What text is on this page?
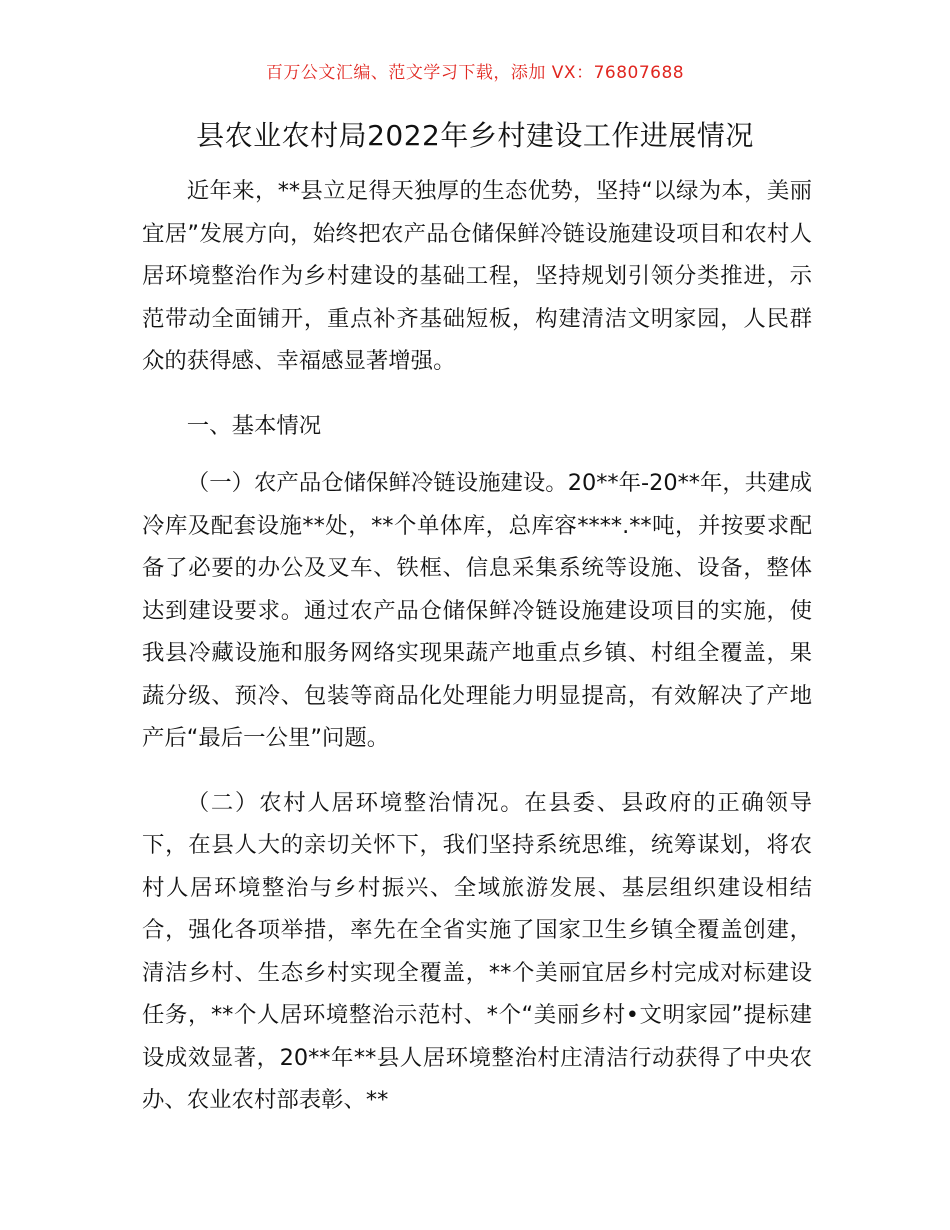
百万公文汇编、范文学习下载，添加 VX：76807688
县农业农村局2022年乡村建设工作进展情况

近年来，**县立足得天独厚的生态优势，坚持“以绿为本，美丽宜居”发展方向，始终把农产品仓储保鲜冷链设施建设项目和农村人居环境整治作为乡村建设的基础工程，坚持规划引领分类推进，示范带动全面铺开，重点补齐基础短板，构建清洁文明家园，人民群众的获得感、幸福感显著增强。

一、基本情况

（一）农产品仓储保鲜冷链设施建设。20**年-20**年，共建成冷库及配套设施**处，**个单体库，总库容****.**吨，并按要求配备了必要的办公及叉车、铁框、信息采集系统等设施、设备，整体达到建设要求。通过农产品仓储保鲜冷链设施建设项目的实施，使我县冷藏设施和服务网络实现果蔬产地重点乡镇、村组全覆盖，果蔬分级、预冷、包装等商品化处理能力明显提高，有效解决了产地产后“最后一公里”问题。

（二）农村人居环境整治情况。在县委、县政府的正确领导下，在县人大的亲切关怀下，我们坚持系统思维，统筹谋划，将农村人居环境整治与乡村振兴、全域旅游发展、基层组织建设相结合，强化各项举措，率先在全省实施了国家卫生乡镇全覆盖创建，清洁乡村、生态乡村实现全覆盖，**个美丽宜居乡村完成对标建设任务，**个人居环境整治示范村、*个“美丽乡村•文明家园”提标建设成效显著，20**年**县人居环境整治村庄清洁行动获得了中央农办、农业农村部表彰、**
